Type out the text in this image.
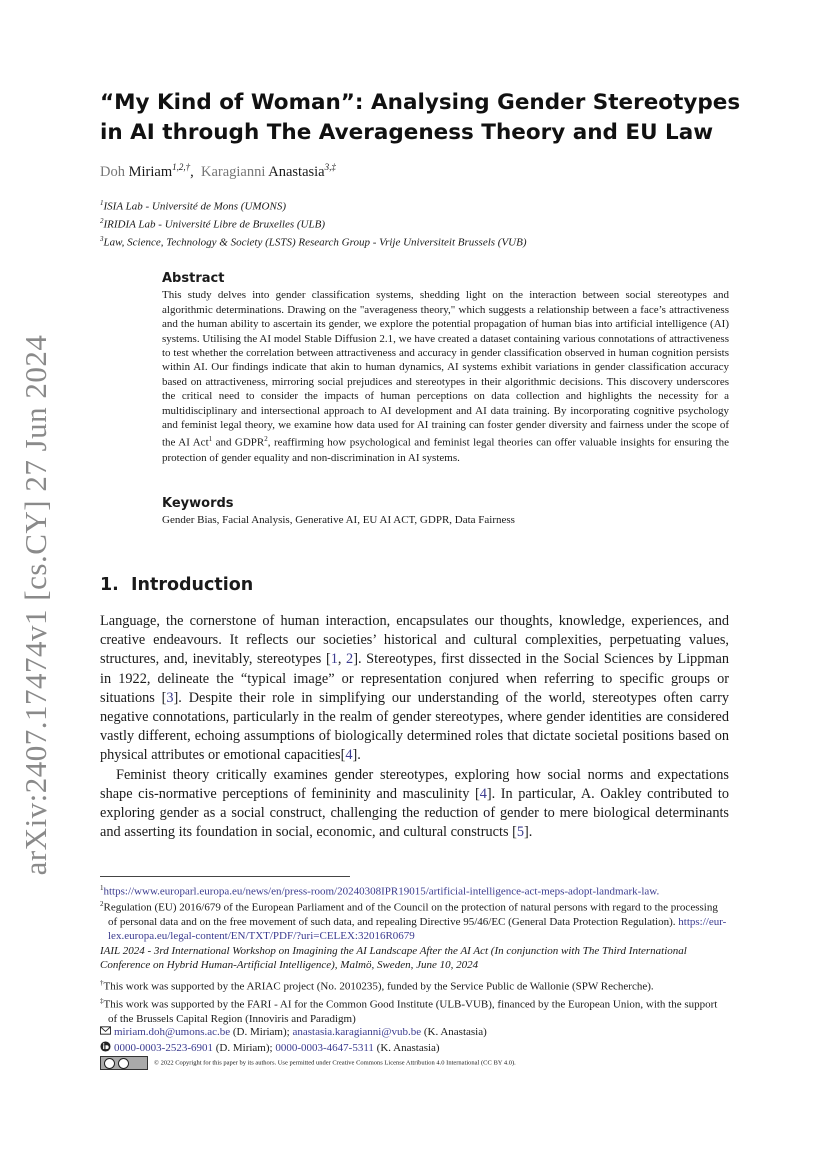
arXiv:2407.17474v1 [cs.CY] 27 Jun 2024
“My Kind of Woman”: Analysing Gender Stereotypes in AI through The Averageness Theory and EU Law
Doh Miriam$^{1,2,\dagger}$,  Karagianni Anastasia$^{3,\ddagger}$
$^1$ISIA Lab - Université de Mons (UMONS)
$^2$IRIDIA Lab - Université Libre de Bruxelles (ULB)
$^3$Law, Science, Technology & Society (LSTS) Research Group - Vrije Universiteit Brussels (VUB)
Abstract
This study delves into gender classification systems, shedding light on the interaction between social stereotypes and algorithmic determinations. Drawing on the "averageness theory," which suggests a relationship between a face’s attractiveness and the human ability to ascertain its gender, we explore the potential propagation of human bias into artificial intelligence (AI) systems. Utilising the AI model Stable Diffusion 2.1, we have created a dataset containing various connotations of attractiveness to test whether the correlation between attractiveness and accuracy in gender classification observed in human cognition persists within AI. Our findings indicate that akin to human dynamics, AI systems exhibit variations in gender classification accuracy based on attractiveness, mirroring social prejudices and stereotypes in their algorithmic decisions. This discovery underscores the critical need to consider the impacts of human perceptions on data collection and highlights the necessity for a multidisciplinary and intersectional approach to AI development and AI data training. By incorporating cognitive psychology and feminist legal theory, we examine how data used for AI training can foster gender diversity and fairness under the scope of the AI Act$^1$ and GDPR$^2$, reaffirming how psychological and feminist legal theories can offer valuable insights for ensuring the protection of gender equality and non-discrimination in AI systems.
Keywords
Gender Bias, Facial Analysis, Generative AI, EU AI ACT, GDPR, Data Fairness
1. Introduction

Language, the cornerstone of human interaction, encapsulates our thoughts, knowledge, experiences, and creative endeavours. It reflects our societies’ historical and cultural complexities, perpetuating values, structures, and, inevitably, stereotypes [1, 2]. Stereotypes, first dissected in the Social Sciences by Lippman in 1922, delineate the “typical image” or representation conjured when referring to specific groups or situations [3]. Despite their role in simplifying our understanding of the world, stereotypes often carry negative connotations, particularly in the realm of gender stereotypes, where gender identities are considered vastly different, echoing assumptions of biologically determined roles that dictate societal positions based on physical attributes or emotional capacities[4].

Feminist theory critically examines gender stereotypes, exploring how social norms and expectations shape cis-normative perceptions of femininity and masculinity [4]. In particular, A. Oakley contributed to exploring gender as a social construct, challenging the reduction of gender to mere biological determinants and asserting its foundation in social, economic, and cultural constructs [5].

$^1$https://www.europarl.europa.eu/news/en/press-room/20240308IPR19015/artificial-intelligence-act-meps-adopt-landmark-law.
$^2$Regulation (EU) 2016/679 of the European Parliament and of the Council on the protection of natural persons with regard to the processing of personal data and on the free movement of such data, and repealing Directive 95/46/EC (General Data Protection Regulation). https://eur-lex.europa.eu/legal-content/EN/TXT/PDF/?uri=CELEX:32016R0679
IAIL 2024 - 3rd International Workshop on Imagining the AI Landscape After the AI Act (In conjunction with The Third International Conference on Hybrid Human-Artificial Intelligence), Malmö, Sweden, June 10, 2024
†This work was supported by the ARIAC project (No. 2010235), funded by the Service Public de Wallonie (SPW Recherche).
‡This work was supported by the FARI - AI for the Common Good Institute (ULB-VUB), financed by the European Union, with the support of the Brussels Capital Region (Innoviris and Paradigm)
miriam.doh@umons.ac.be (D. Miriam); anastasia.karagianni@vub.be (K. Anastasia)
0000-0003-2523-6901 (D. Miriam); 0000-0003-4647-5311 (K. Anastasia)
© 2022 Copyright for this paper by its authors. Use permitted under Creative Commons License Attribution 4.0 International (CC BY 4.0).
